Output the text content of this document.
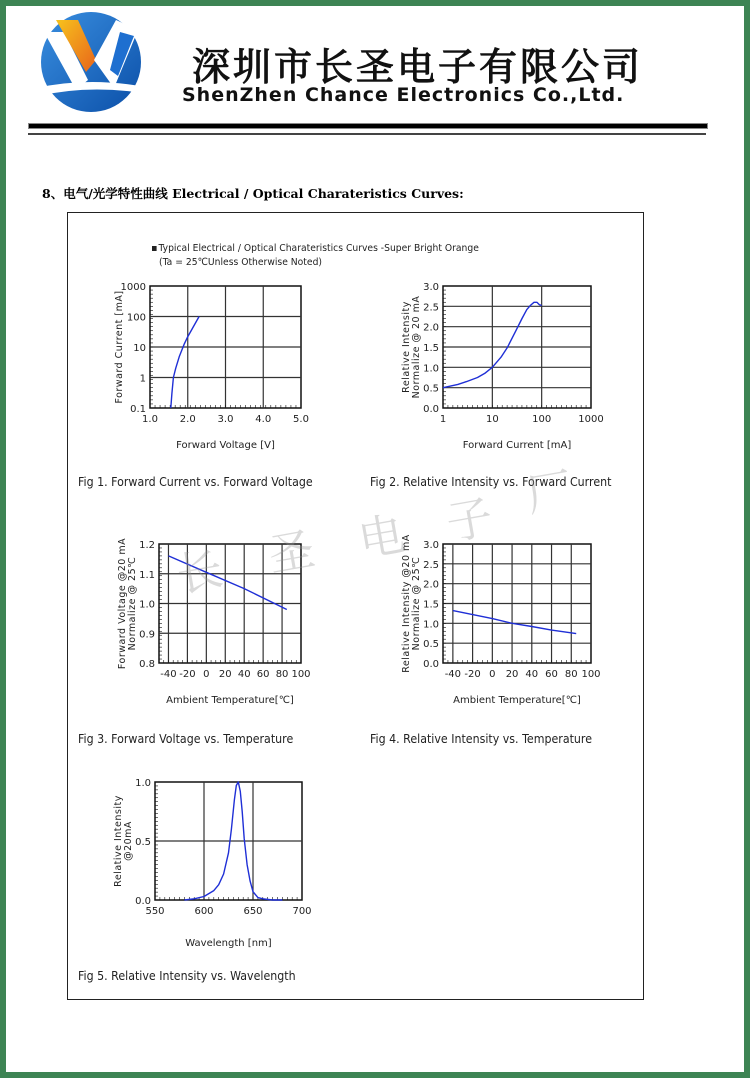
深圳市长圣电子有限公司
ShenZhen Chance Electronics Co.,Ltd.
8、电气/光学特性曲线 Electrical / Optical Charateristics Curves:
Typical Electrical / Optical Charateristics Curves -Super Bright Orange
(Ta = 25℃Unless Otherwise Noted)
Fig 1. Forward Current vs. Forward Voltage	Fig 2. Relative Intensity vs. Forward Current
Fig 3. Forward Voltage vs. Temperature	Fig 4. Relative Intensity vs. Temperature
Fig 5. Relative Intensity vs. Wavelength
1.0 2.0 3.0 4.0 5.0
0.1
1
10
100
1000
Forward Voltage [V]
Forward Current [mA]
1	10	100	1000
0.0
0.5
1.0
1.5
2.0
2.5
3.0
Forward Current [mA]
Relative Intensity Normalize @ 20 mA
-40 -20 0 20 40 60 80 100
0.8
0.9
1.0
1.1
1.2
Ambient Temperature[℃]
Forward Voltage @20 mA Normalize @ 25℃
-40 -20 0 20 40 60 80 100
0.0
0.5
1.0
1.5
2.0
2.5
3.0
Ambient Temperature[℃]
Relative Intensity @20 mA Normalize @ 25℃
550	600	650	700
0.0
0.5
1.0
Wavelength [nm]
Relative Intensity @20mA
长 圣 电 子 厂
